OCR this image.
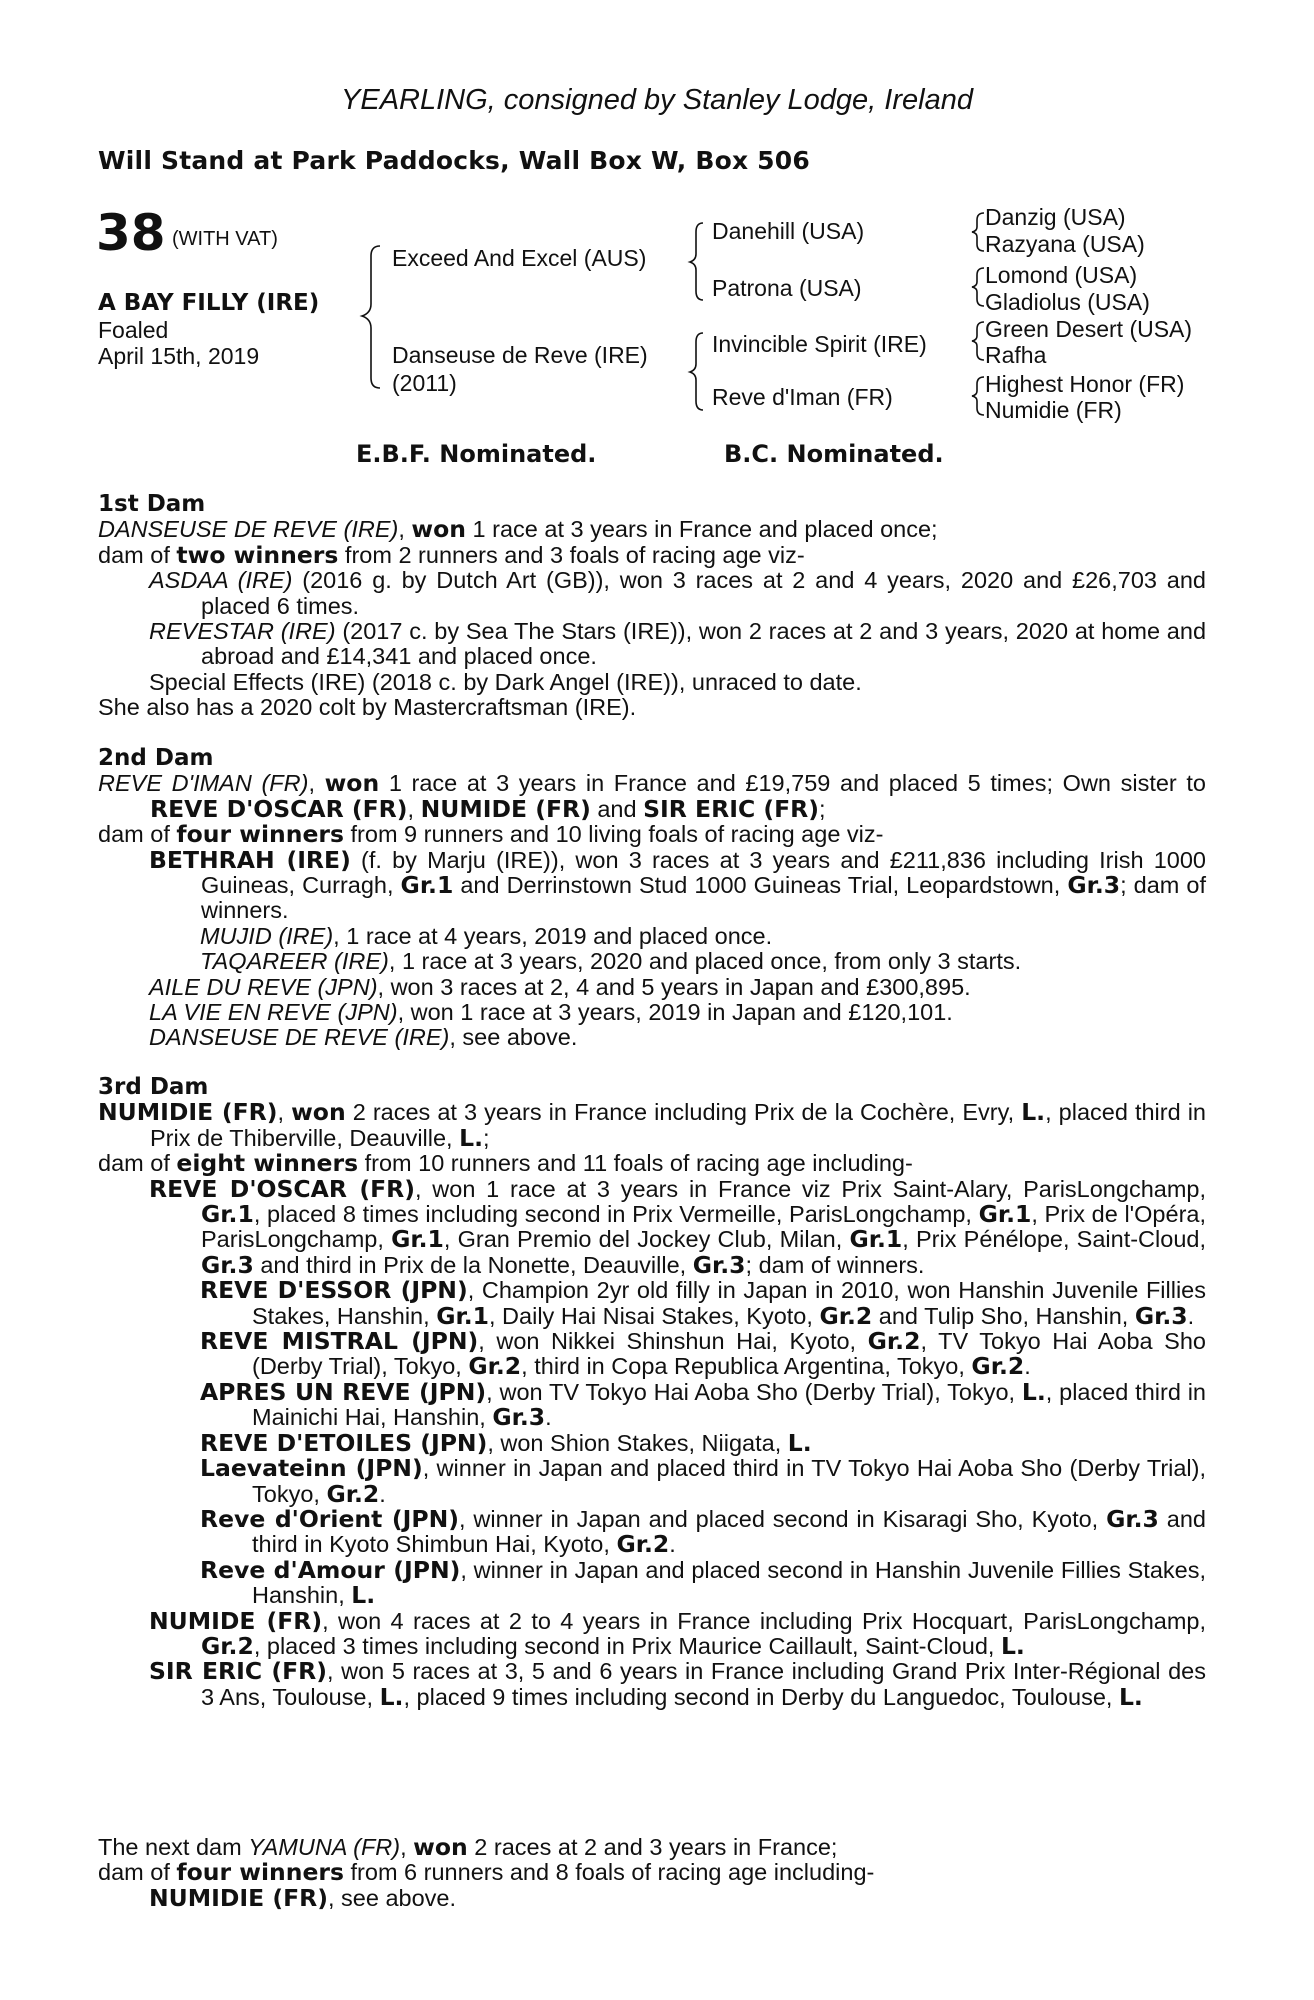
YEARLING, consigned by Stanley Lodge, Ireland
Will Stand at Park Paddocks, Wall Box W, Box 506
38 (WITH VAT)
A BAY FILLY (IRE)
Foaled
April 15th, 2019
Exceed And Excel (AUS)
Danseuse de Reve (IRE)
(2011)
Danehill (USA)
Patrona (USA)
Invincible Spirit (IRE)
Reve d'Iman (FR)
Danzig (USA)
Razyana (USA)
Lomond (USA)
Gladiolus (USA)
Green Desert (USA)
Rafha
Highest Honor (FR)
Numidie (FR)
E.B.F. Nominated.	B.C. Nominated.

1st Dam

DANSEUSE DE REVE (IRE), won 1 race at 3 years in France and placed once;

dam of two winners from 2 runners and 3 foals of racing age viz-

ASDAA (IRE) (2016 g. by Dutch Art (GB)), won 3 races at 2 and 4 years, 2020 and £26,703 and placed 6 times.

REVESTAR (IRE) (2017 c. by Sea The Stars (IRE)), won 2 races at 2 and 3 years, 2020 at home and abroad and £14,341 and placed once.

Special Effects (IRE) (2018 c. by Dark Angel (IRE)), unraced to date.

She also has a 2020 colt by Mastercraftsman (IRE).

2nd Dam

REVE D'IMAN (FR), won 1 race at 3 years in France and £19,759 and placed 5 times; Own sister to REVE D'OSCAR (FR), NUMIDE (FR) and SIR ERIC (FR);

dam of four winners from 9 runners and 10 living foals of racing age viz-

BETHRAH (IRE) (f. by Marju (IRE)), won 3 races at 3 years and £211,836 including Irish 1000 Guineas, Curragh, Gr.1 and Derrinstown Stud 1000 Guineas Trial, Leopardstown, Gr.3; dam of winners.

MUJID (IRE), 1 race at 4 years, 2019 and placed once.

TAQAREER (IRE), 1 race at 3 years, 2020 and placed once, from only 3 starts.

AILE DU REVE (JPN), won 3 races at 2, 4 and 5 years in Japan and £300,895.

LA VIE EN REVE (JPN), won 1 race at 3 years, 2019 in Japan and £120,101.

DANSEUSE DE REVE (IRE), see above.

3rd Dam

NUMIDIE (FR), won 2 races at 3 years in France including Prix de la Cochère, Evry, L., placed third in Prix de Thiberville, Deauville, L.;

dam of eight winners from 10 runners and 11 foals of racing age including-

REVE D'OSCAR (FR), won 1 race at 3 years in France viz Prix Saint-Alary, ParisLongchamp, Gr.1, placed 8 times including second in Prix Vermeille, ParisLongchamp, Gr.1, Prix de l'Opéra, ParisLongchamp, Gr.1, Gran Premio del Jockey Club, Milan, Gr.1, Prix Pénélope, Saint-Cloud, Gr.3 and third in Prix de la Nonette, Deauville, Gr.3; dam of winners.

REVE D'ESSOR (JPN), Champion 2yr old filly in Japan in 2010, won Hanshin Juvenile Fillies Stakes, Hanshin, Gr.1, Daily Hai Nisai Stakes, Kyoto, Gr.2 and Tulip Sho, Hanshin, Gr.3.

REVE MISTRAL (JPN), won Nikkei Shinshun Hai, Kyoto, Gr.2, TV Tokyo Hai Aoba Sho (Derby Trial), Tokyo, Gr.2, third in Copa Republica Argentina, Tokyo, Gr.2.

APRES UN REVE (JPN), won TV Tokyo Hai Aoba Sho (Derby Trial), Tokyo, L., placed third in Mainichi Hai, Hanshin, Gr.3.

REVE D'ETOILES (JPN), won Shion Stakes, Niigata, L.

Laevateinn (JPN), winner in Japan and placed third in TV Tokyo Hai Aoba Sho (Derby Trial), Tokyo, Gr.2.

Reve d'Orient (JPN), winner in Japan and placed second in Kisaragi Sho, Kyoto, Gr.3 and third in Kyoto Shimbun Hai, Kyoto, Gr.2.

Reve d'Amour (JPN), winner in Japan and placed second in Hanshin Juvenile Fillies Stakes, Hanshin, L.

NUMIDE (FR), won 4 races at 2 to 4 years in France including Prix Hocquart, ParisLongchamp, Gr.2, placed 3 times including second in Prix Maurice Caillault, Saint-Cloud, L.

SIR ERIC (FR), won 5 races at 3, 5 and 6 years in France including Grand Prix Inter-Régional des 3 Ans, Toulouse, L., placed 9 times including second in Derby du Languedoc, Toulouse, L.

The next dam YAMUNA (FR), won 2 races at 2 and 3 years in France;

dam of four winners from 6 runners and 8 foals of racing age including-

NUMIDIE (FR), see above.
